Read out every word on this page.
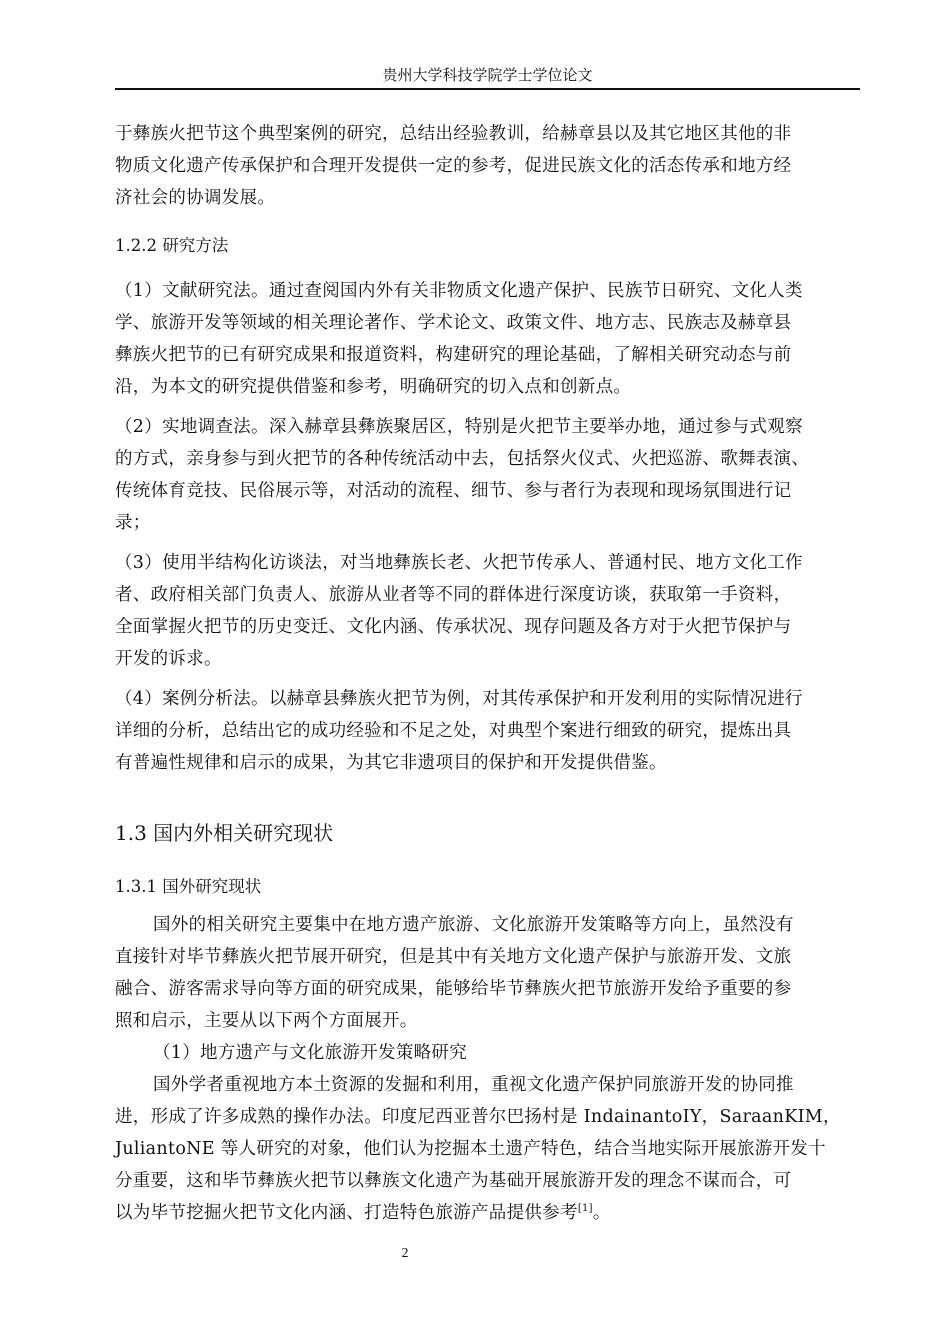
贵州大学科技学院学士学位论文
于彝族火把节这个典型案例的研究，总结出经验教训，给赫章县以及其它地区其他的非
物质文化遗产传承保护和合理开发提供一定的参考，促进民族文化的活态传承和地方经
济社会的协调发展。
1.2.2 研究方法
（1）文献研究法。通过查阅国内外有关非物质文化遗产保护、民族节日研究、文化人类
学、旅游开发等领域的相关理论著作、学术论文、政策文件、地方志、民族志及赫章县
彝族火把节的已有研究成果和报道资料，构建研究的理论基础，了解相关研究动态与前
沿，为本文的研究提供借鉴和参考，明确研究的切入点和创新点。
（2）实地调查法。深入赫章县彝族聚居区，特别是火把节主要举办地，通过参与式观察
的方式，亲身参与到火把节的各种传统活动中去，包括祭火仪式、火把巡游、歌舞表演、
传统体育竞技、民俗展示等，对活动的流程、细节、参与者行为表现和现场氛围进行记
录；
（3）使用半结构化访谈法，对当地彝族长老、火把节传承人、普通村民、地方文化工作
者、政府相关部门负责人、旅游从业者等不同的群体进行深度访谈，获取第一手资料，
全面掌握火把节的历史变迁、文化内涵、传承状况、现存问题及各方对于火把节保护与
开发的诉求。
（4）案例分析法。以赫章县彝族火把节为例，对其传承保护和开发利用的实际情况进行
详细的分析，总结出它的成功经验和不足之处，对典型个案进行细致的研究，提炼出具
有普遍性规律和启示的成果，为其它非遗项目的保护和开发提供借鉴。
1.3 国内外相关研究现状
1.3.1 国外研究现状
国外的相关研究主要集中在地方遗产旅游、文化旅游开发策略等方向上，虽然没有
直接针对毕节彝族火把节展开研究，但是其中有关地方文化遗产保护与旅游开发、文旅
融合、游客需求导向等方面的研究成果，能够给毕节彝族火把节旅游开发给予重要的参
照和启示，主要从以下两个方面展开。
（1）地方遗产与文化旅游开发策略研究
国外学者重视地方本土资源的发掘和利用，重视文化遗产保护同旅游开发的协同推
进，形成了许多成熟的操作办法。印度尼西亚普尔巴扬村是 IndainantoIY，SaraanKIM，
JuliantoNE 等人研究的对象，他们认为挖掘本土遗产特色，结合当地实际开展旅游开发十
分重要，这和毕节彝族火把节以彝族文化遗产为基础开展旅游开发的理念不谋而合，可
以为毕节挖掘火把节文化内涵、打造特色旅游产品提供参考[1]。
2
